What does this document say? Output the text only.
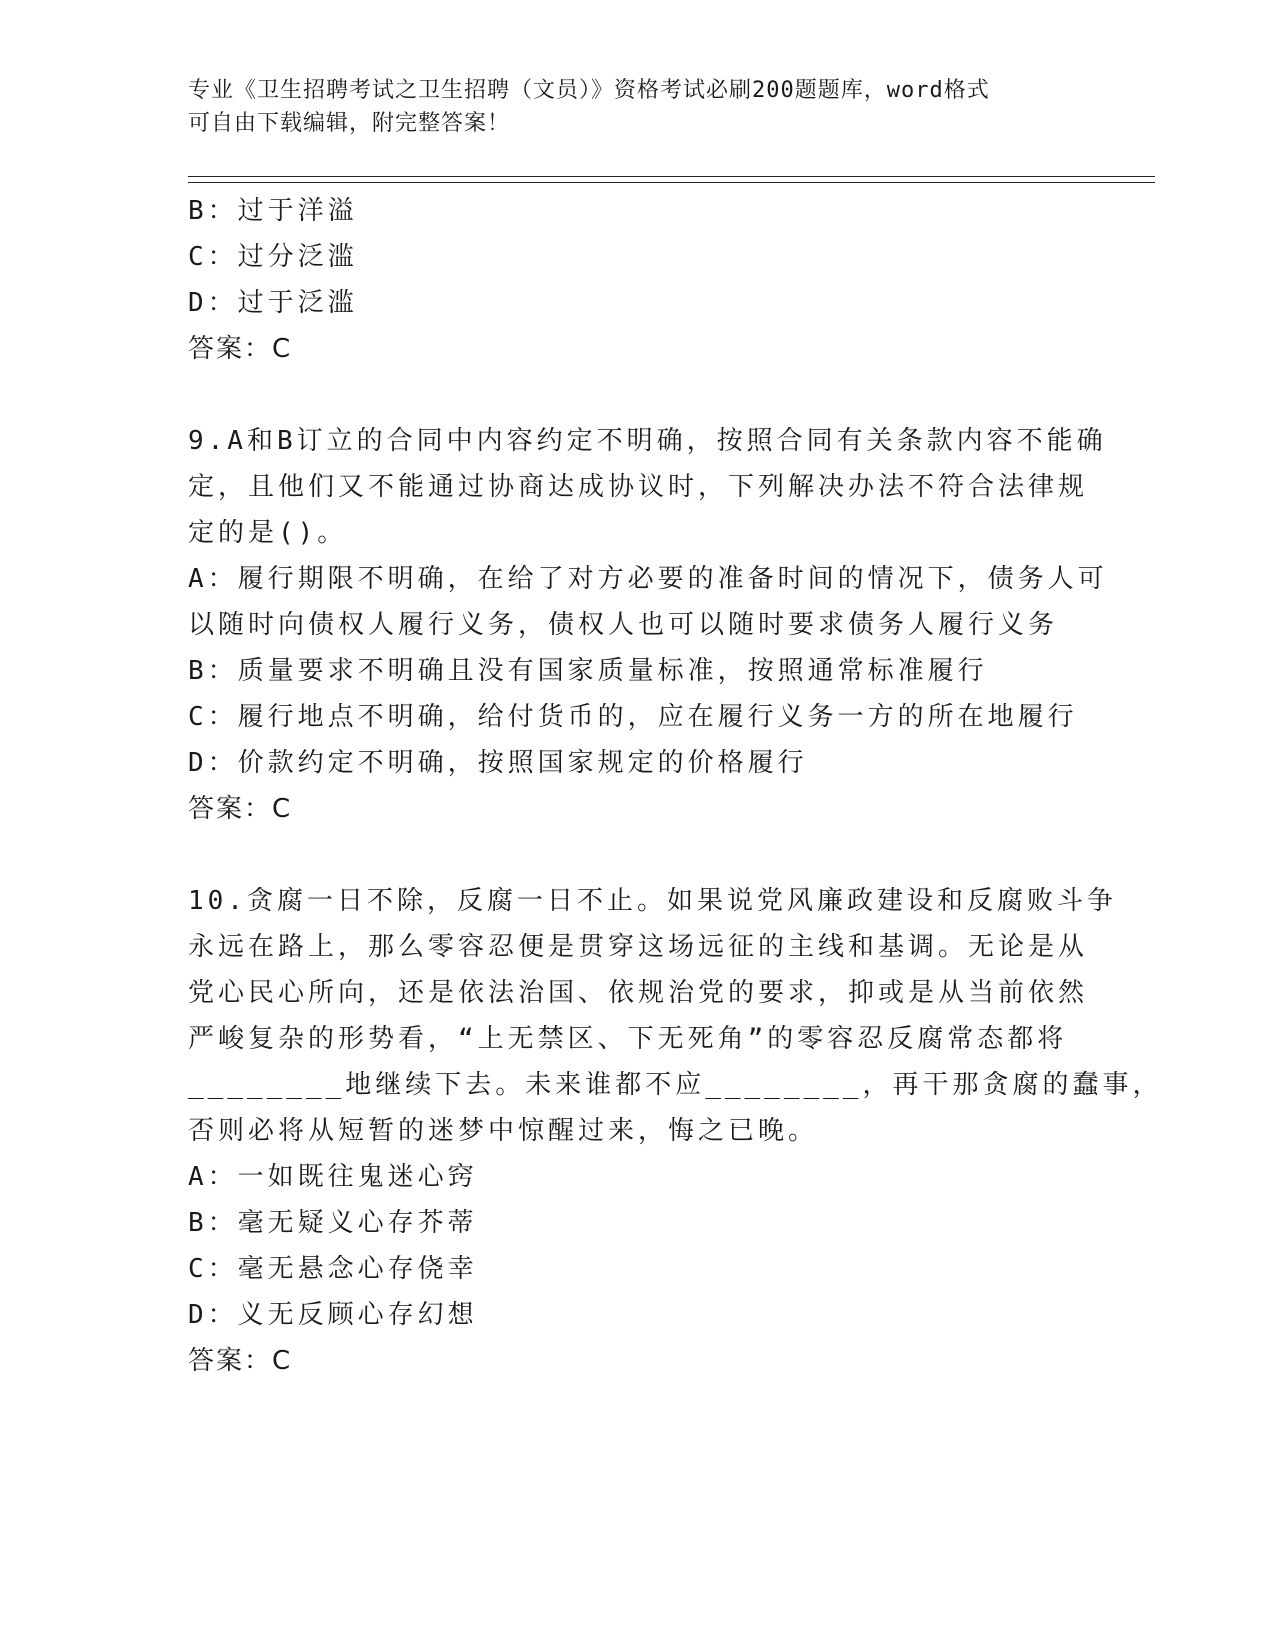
专业《卫生招聘考试之卫生招聘（文员）》资格考试必刷200题题库，word格式
可自由下载编辑，附完整答案！
B：过于洋溢
C：过分泛滥
D：过于泛滥
答案：C
9.A和B订立的合同中内容约定不明确，按照合同有关条款内容不能确
定，且他们又不能通过协商达成协议时，下列解决办法不符合法律规
定的是()。
A：履行期限不明确，在给了对方必要的准备时间的情况下，债务人可
以随时向债权人履行义务，债权人也可以随时要求债务人履行义务
B：质量要求不明确且没有国家质量标准，按照通常标准履行
C：履行地点不明确，给付货币的，应在履行义务一方的所在地履行
D：价款约定不明确，按照国家规定的价格履行
答案：C
10.贪腐一日不除，反腐一日不止。如果说党风廉政建设和反腐败斗争
永远在路上，那么零容忍便是贯穿这场远征的主线和基调。无论是从
党心民心所向，还是依法治国、依规治党的要求，抑或是从当前依然
严峻复杂的形势看，“上无禁区、下无死角”的零容忍反腐常态都将
________地继续下去。未来谁都不应________，再干那贪腐的蠢事，
否则必将从短暂的迷梦中惊醒过来，悔之已晚。
A：一如既往鬼迷心窍
B：毫无疑义心存芥蒂
C：毫无悬念心存侥幸
D：义无反顾心存幻想
答案：C
